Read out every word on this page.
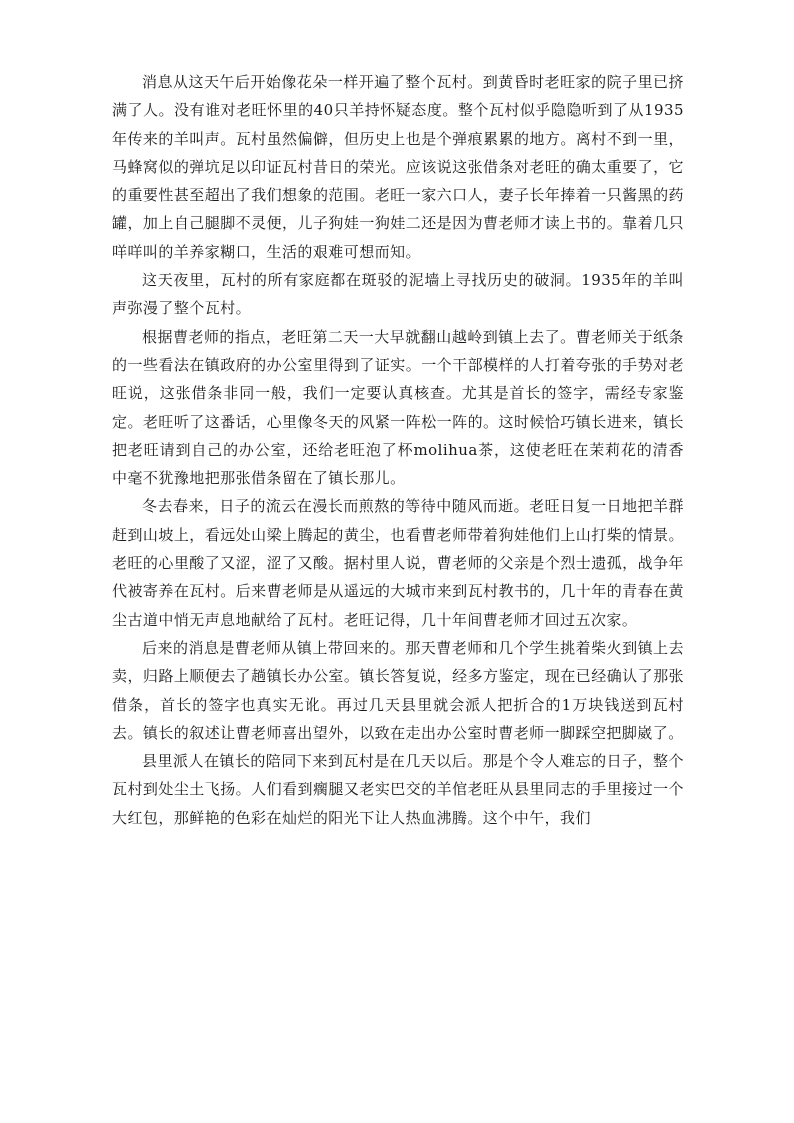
消息从这天午后开始像花朵一样开遍了整个瓦村。到黄昏时老旺家的院子里已挤满了人。没有谁对老旺怀里的40只羊持怀疑态度。整个瓦村似乎隐隐听到了从1935年传来的羊叫声。瓦村虽然偏僻，但历史上也是个弹痕累累的地方。离村不到一里，马蜂窝似的弹坑足以印证瓦村昔日的荣光。应该说这张借条对老旺的确太重要了，它的重要性甚至超出了我们想象的范围。老旺一家六口人，妻子长年捧着一只酱黑的药罐，加上自己腿脚不灵便，儿子狗娃一狗娃二还是因为曹老师才读上书的。靠着几只咩咩叫的羊养家糊口，生活的艰难可想而知。

这天夜里，瓦村的所有家庭都在斑驳的泥墙上寻找历史的破洞。1935年的羊叫声弥漫了整个瓦村。

根据曹老师的指点，老旺第二天一大早就翻山越岭到镇上去了。曹老师关于纸条的一些看法在镇政府的办公室里得到了证实。一个干部模样的人打着夸张的手势对老旺说，这张借条非同一般，我们一定要认真核查。尤其是首长的签字，需经专家鉴定。老旺听了这番话，心里像冬天的风紧一阵松一阵的。这时候恰巧镇长进来，镇长把老旺请到自己的办公室，还给老旺泡了杯molihua茶，这使老旺在茉莉花的清香中毫不犹豫地把那张借条留在了镇长那儿。

冬去春来，日子的流云在漫长而煎熬的等待中随风而逝。老旺日复一日地把羊群赶到山坡上，看远处山梁上腾起的黄尘，也看曹老师带着狗娃他们上山打柴的情景。老旺的心里酸了又涩，涩了又酸。据村里人说，曹老师的父亲是个烈士遗孤，战争年代被寄养在瓦村。后来曹老师是从遥远的大城市来到瓦村教书的，几十年的青春在黄尘古道中悄无声息地献给了瓦村。老旺记得，几十年间曹老师才回过五次家。

后来的消息是曹老师从镇上带回来的。那天曹老师和几个学生挑着柴火到镇上去卖，归路上顺便去了趟镇长办公室。镇长答复说，经多方鉴定，现在已经确认了那张借条，首长的签字也真实无讹。再过几天县里就会派人把折合的1万块钱送到瓦村去。镇长的叙述让曹老师喜出望外，以致在走出办公室时曹老师一脚踩空把脚崴了。

县里派人在镇长的陪同下来到瓦村是在几天以后。那是个令人难忘的日子，整个瓦村到处尘土飞扬。人们看到瘸腿又老实巴交的羊倌老旺从县里同志的手里接过一个大红包，那鲜艳的色彩在灿烂的阳光下让人热血沸腾。这个中午，我们
